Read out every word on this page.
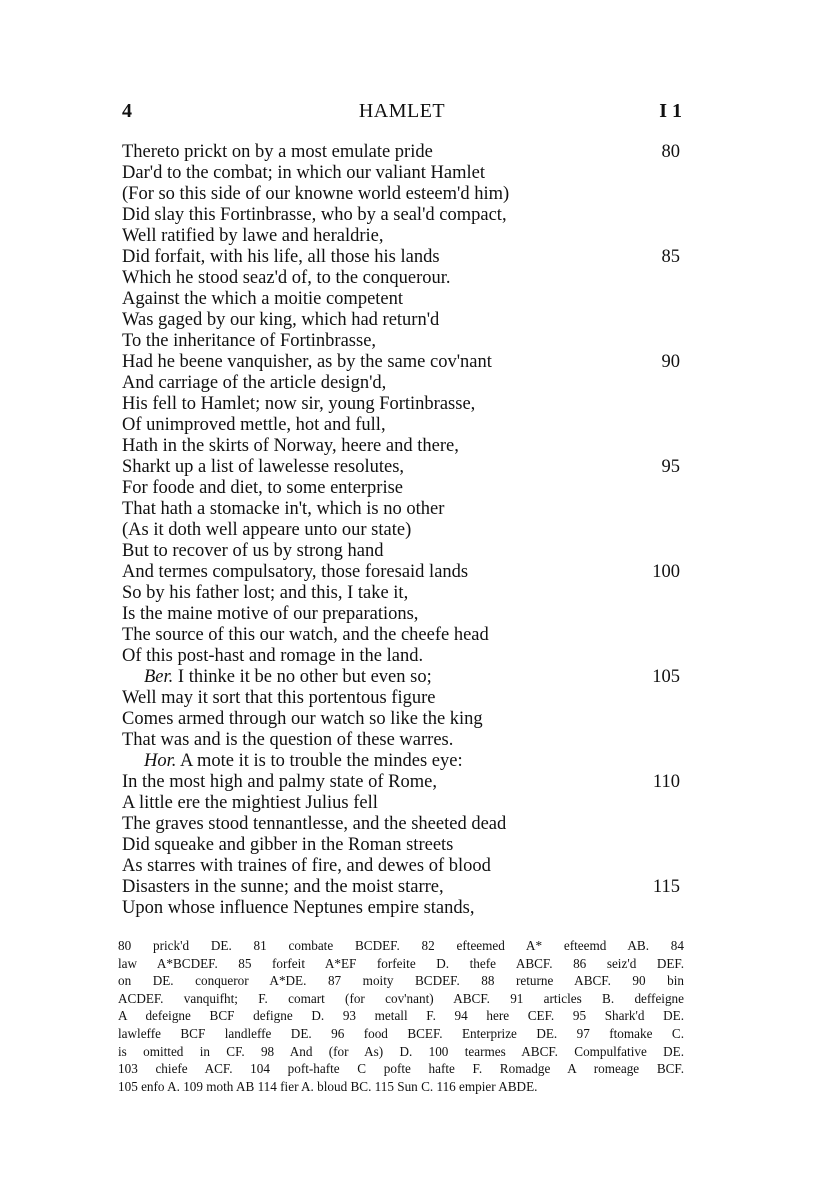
4	HAMLET	I 1
Thereto prickt on by a most emulate pride	80
Dar'd to the combat; in which our valiant Hamlet
(For so this side of our knowne world esteem'd him)
Did slay this Fortinbrasse, who by a seal'd compact,
Well ratified by lawe and heraldrie,
Did forfait, with his life, all those his lands	85
Which he stood seaz'd of, to the conquerour.
Against the which a moitie competent
Was gaged by our king, which had return'd
To the inheritance of Fortinbrasse,
Had he beene vanquisher, as by the same cov'nant	90
And carriage of the article design'd,
His fell to Hamlet; now sir, young Fortinbrasse,
Of unimproved mettle, hot and full,
Hath in the skirts of Norway, heere and there,
Sharkt up a list of lawelesse resolutes,	95
For foode and diet, to some enterprise
That hath a stomacke in't, which is no other
(As it doth well appeare unto our state)
But to recover of us by strong hand
And termes compulsatory, those foresaid lands	100
So by his father lost; and this, I take it,
Is the maine motive of our preparations,
The source of this our watch, and the cheefe head
Of this post-hast and romage in the land.
Ber. I thinke it be no other but even so;	105
Well may it sort that this portentous figure
Comes armed through our watch so like the king
That was and is the question of these warres.
Hor. A mote it is to trouble the mindes eye:
In the most high and palmy state of Rome,	110
A little ere the mightiest Julius fell
The graves stood tennantlesse, and the sheeted dead
Did squeake and gibber in the Roman streets
As starres with traines of fire, and dewes of blood
Disasters in the sunne; and the moist starre,	115
Upon whose influence Neptunes empire stands,
80 prick'd DE. 81 combate BCDEF. 82 efteemed A* efteemd AB. 84
law A*BCDEF. 85 forfeit A*EF forfeite D. thefe ABCF. 86 seiz'd DEF.
on DE. conqueror A*DE. 87 moity BCDEF. 88 returne ABCF. 90 bin
ACDEF. vanquifht; F. comart (for cov'nant) ABCF. 91 articles B. deffeigne
A defeigne BCF defigne D. 93 metall F. 94 here CEF. 95 Shark'd DE.
lawleffe BCF landleffe DE. 96 food BCEF. Enterprize DE. 97 ftomake C.
is omitted in CF. 98 And (for As) D. 100 tearmes ABCF. Compulfative DE.
103 chiefe ACF. 104 poft-hafte C pofte hafte F. Romadge A romeage BCF.
105 enfo A. 109 moth AB 114 fier A. bloud BC. 115 Sun C. 116 empier ABDE.
